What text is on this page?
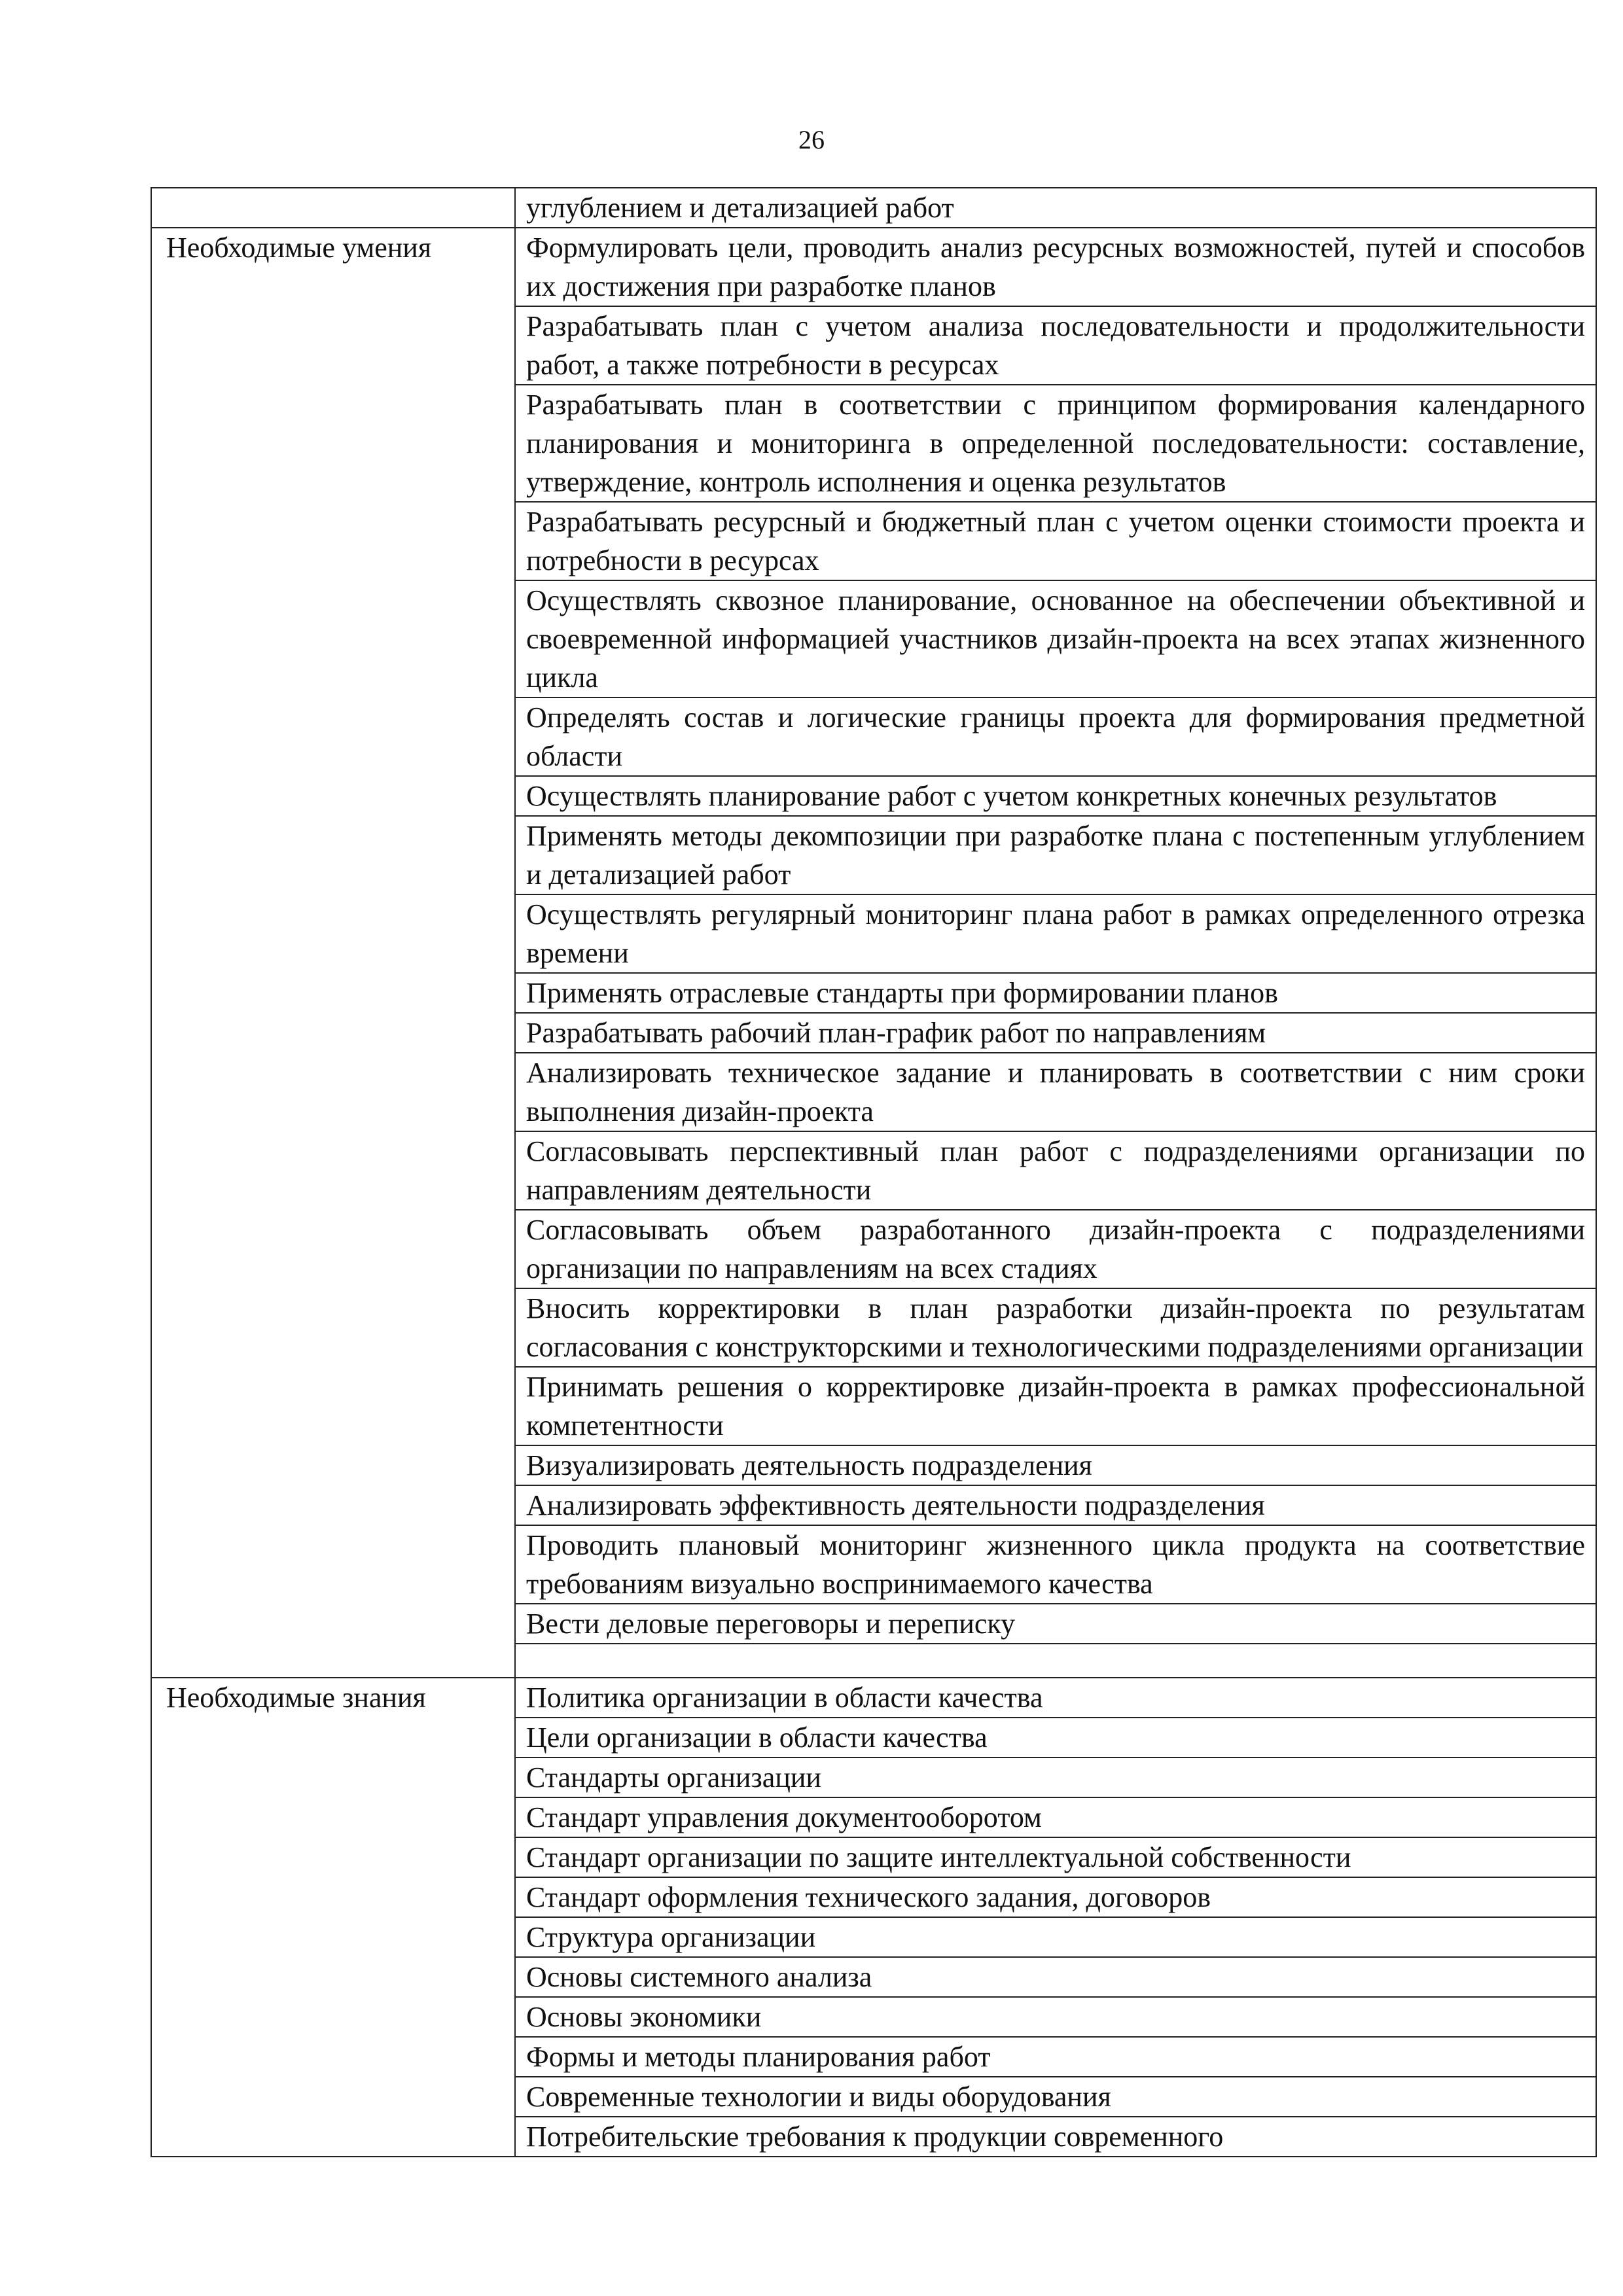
26
	углублением и детализацией работ
Необходимые умения	Формулировать цели, проводить анализ ресурсных возможностей, путей и способов их достижения при разработке планов
	Разрабатывать план с учетом анализа последовательности и продолжительности работ, а также потребности в ресурсах
	Разрабатывать план в соответствии с принципом формирования календарного планирования и мониторинга в определенной последовательности: составление, утверждение, контроль исполнения и оценка результатов
	Разрабатывать ресурсный и бюджетный план с учетом оценки стоимости проекта и потребности в ресурсах
	Осуществлять сквозное планирование, основанное на обеспечении объективной и своевременной информацией участников дизайн-проекта на всех этапах жизненного цикла
	Определять состав и логические границы проекта для формирования предметной области
	Осуществлять планирование работ с учетом конкретных конечных результатов
	Применять методы декомпозиции при разработке плана с постепенным углублением и детализацией работ
	Осуществлять регулярный мониторинг плана работ в рамках определенного отрезка времени
	Применять отраслевые стандарты при формировании планов
	Разрабатывать рабочий план-график работ по направлениям
	Анализировать техническое задание и планировать в соответствии с ним сроки выполнения дизайн-проекта
	Согласовывать перспективный план работ с подразделениями организации по направлениям деятельности
	Согласовывать объем разработанного дизайн-проекта с подразделениями организации по направлениям на всех стадиях
	Вносить корректировки в план разработки дизайн-проекта по результатам согласования с конструкторскими и технологическими подразделениями организации
	Принимать решения о корректировке дизайн-проекта в рамках профессиональной компетентности
	Визуализировать деятельность подразделения
	Анализировать эффективность деятельности подразделения
	Проводить плановый мониторинг жизненного цикла продукта на соответствие требованиям визуально воспринимаемого качества
	Вести деловые переговоры и переписку

Необходимые знания	Политика организации в области качества
	Цели организации в области качества
	Стандарты организации
	Стандарт управления документооборотом
	Стандарт организации по защите интеллектуальной собственности
	Стандарт оформления технического задания, договоров
	Структура организации
	Основы системного анализа
	Основы экономики
	Формы и методы планирования работ
	Современные технологии и виды оборудования
	Потребительские требования к продукции современного
